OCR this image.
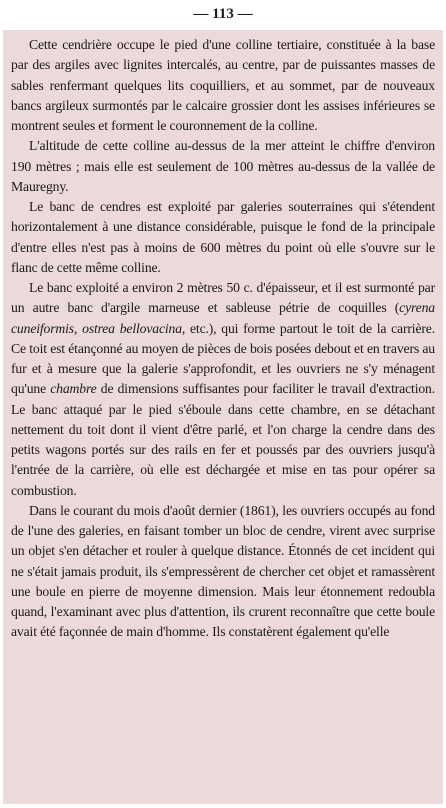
— 113 —

Cette cendrière occupe le pied d'une colline tertiaire, constituée à la base par des argiles avec lignites intercalés, au centre, par de puissantes masses de sables renfermant quelques lits coquilliers, et au sommet, par de nouveaux bancs argileux surmontés par le calcaire grossier dont les assises inférieures se montrent seules et forment le couronnement de la colline.

L'altitude de cette colline au-dessus de la mer atteint le chiffre d'environ 190 mètres ; mais elle est seulement de 100 mètres au-dessus de la vallée de Mauregny.

Le banc de cendres est exploité par galeries souterraines qui s'étendent horizontalement à une distance considérable, puisque le fond de la principale d'entre elles n'est pas à moins de 600 mètres du point où elle s'ouvre sur le flanc de cette même colline.

Le banc exploité a environ 2 mètres 50 c. d'épaisseur, et il est surmonté par un autre banc d'argile marneuse et sableuse pétrie de coquilles (cyrena cuneiformis, ostrea bellovacina, etc.), qui forme partout le toit de la carrière. Ce toit est étançonné au moyen de pièces de bois posées debout et en travers au fur et à mesure que la galerie s'approfondit, et les ouvriers ne s'y ménagent qu'une chambre de dimensions suffisantes pour faciliter le travail d'extraction. Le banc attaqué par le pied s'éboule dans cette chambre, en se détachant nettement du toit dont il vient d'être parlé, et l'on charge la cendre dans des petits wagons portés sur des rails en fer et poussés par des ouvriers jusqu'à l'entrée de la carrière, où elle est déchargée et mise en tas pour opérer sa combustion.

Dans le courant du mois d'août dernier (1861), les ouvriers occupés au fond de l'une des galeries, en faisant tomber un bloc de cendre, virent avec surprise un objet s'en détacher et rouler à quelque distance. Étonnés de cet incident qui ne s'était jamais produit, ils s'empressèrent de chercher cet objet et ramassèrent une boule en pierre de moyenne dimension. Mais leur étonnement redoubla quand, l'examinant avec plus d'attention, ils crurent reconnaître que cette boule avait été façonnée de main d'homme. Ils constatèrent également qu'elle
